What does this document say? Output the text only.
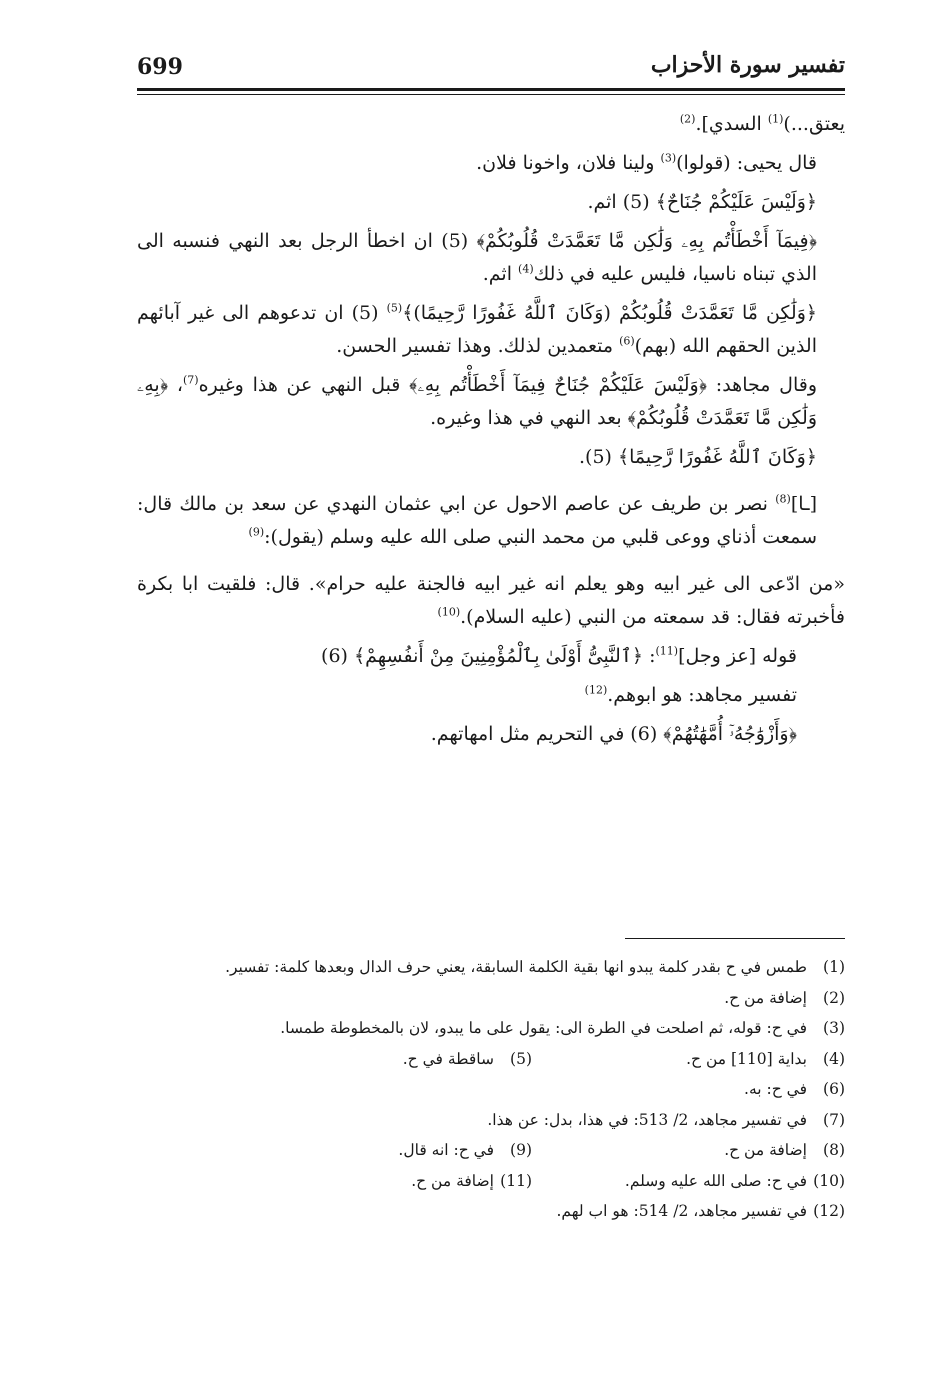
699	تفسير سورة الأحزاب

يعتق...)$^{(1)}$ السدي].$^{(2)}$

قال يحيى: (قولوا)$^{(3)}$ ولينا فلان، واخونا فلان.

﴿وَلَيْسَ عَلَيْكُمْ جُنَاحٌ﴾ (5) اثم.

﴿فِيمَآ أَخْطَأْتُم بِهِۦ وَلَٰكِن مَّا تَعَمَّدَتْ قُلُوبُكُمْ﴾ (5) ان اخطأ الرجل بعد النهي فنسبه الى الذي تبناه ناسيا، فليس عليه في ذلك$^{(4)}$ اثم.

﴿وَلَٰكِن مَّا تَعَمَّدَتْ قُلُوبُكُمْ (وَكَانَ ٱللَّهُ غَفُورًا رَّحِيمًا)﴾$^{(5)}$ (5) ان تدعوهم الى غير آبائهم الذين الحقهم الله (بهم)$^{(6)}$ متعمدين لذلك. وهذا تفسير الحسن.

وقال مجاهد: ﴿وَلَيْسَ عَلَيْكُمْ جُنَاحٌ فِيمَآ أَخْطَأْتُم بِهِۦ﴾ قبل النهي عن هذا وغيره$^{(7)}$، ﴿بِهِۦ وَلَٰكِن مَّا تَعَمَّدَتْ قُلُوبُكُمْ﴾ بعد النهي في هذا وغيره.

﴿وَكَانَ ٱللَّهُ غَفُورًا رَّحِيمًا﴾ (5).

[ـا]$^{(8)}$ نصر بن طريف عن عاصم الاحول عن ابي عثمان النهدي عن سعد بن مالك قال: سمعت أذناي ووعى قلبي من محمد النبي صلى الله عليه وسلم (يقول):$^{(9)}$

«من ادّعى الى غير ابيه وهو يعلم انه غير ابيه فالجنة عليه حرام». قال: فلقيت ابا بكرة فأخبرته فقال: قد سمعته من النبي (عليه السلام).$^{(10)}$

قوله [عز وجل]$^{(11)}$: ﴿ٱلنَّبِىُّ أَوْلَىٰ بِٱلْمُؤْمِنِينَ مِنْ أَنفُسِهِمْ﴾ (6)

تفسير مجاهد: هو ابوهم.$^{(12)}$

﴿وَأَزْوَٰجُهُۥٓ أُمَّهَٰتُهُمْ﴾ (6) في التحريم مثل امهاتهم.

(1)
طمس في ح بقدر كلمة يبدو انها بقية الكلمة السابقة، يعني حرف الدال وبعدها كلمة: تفسير.
(2)
إضافة من ح.
(3)
في ح: قوله، ثم اصلحت في الطرة الى: يقول على ما يبدو، لان بالمخطوطة طمسا.
(4)
بداية [110] من ح.
(5)
ساقطة في ح.
(6)
في ح: به.
(7)
في تفسير مجاهد، 2/ 513: في هذا، بدل: عن هذا.
(8)
إضافة من ح.
(9)
في ح: انه قال.
(10)
في ح: صلى الله عليه وسلم.
(11)
إضافة من ح.
(12)
في تفسير مجاهد، 2/ 514: هو اب لهم.
